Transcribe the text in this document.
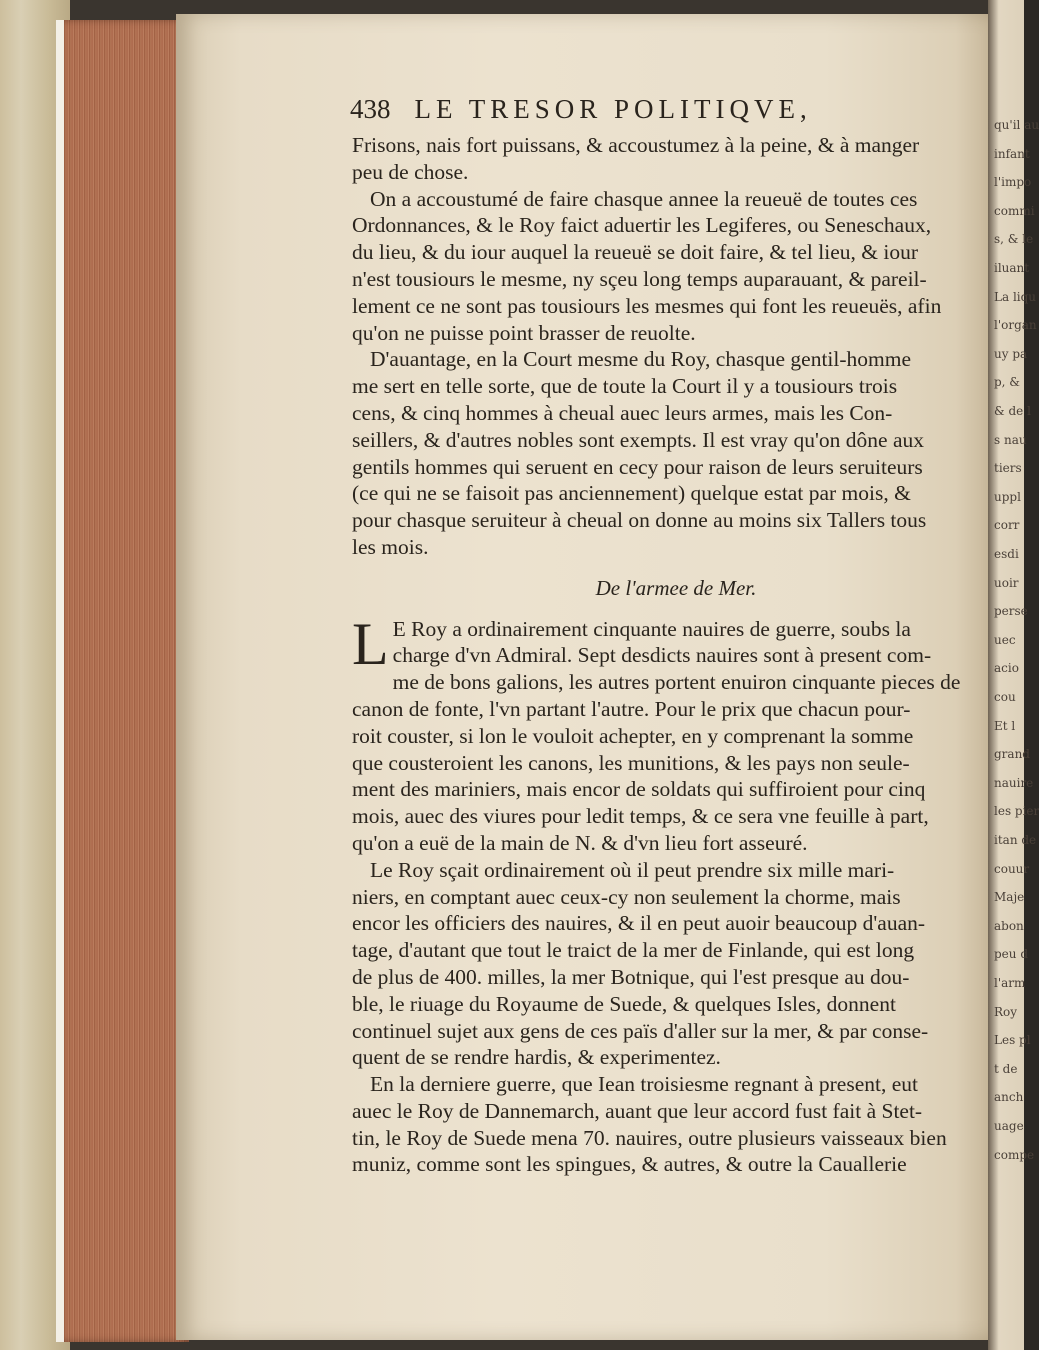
qu'il au
infant
l'impo
commi
s, & le
iluant
La liqu
l'organ
uy pa
p, &
& de l
s nau
tiers
uppl
corr
esdi
uoir
perse
uec
acio
cou
Et l
grand
nauire
les pier
itan de
couur
Maje
abon
peu d
l'arm
Roy
Les pl
t de
anch
uage
compe
438 LE TRESOR POLITIQVE,
Frisons, nais fort puissans, & accoustumez à la peine, & à manger
peu de chose.
On a accoustumé de faire chasque annee la reueuë de toutes ces
Ordonnances, & le Roy faict aduertir les Legiferes, ou Seneschaux,
du lieu, & du iour auquel la reueuë se doit faire, & tel lieu, & iour
n'est tousiours le mesme, ny sçeu long temps auparauant, & pareil-
lement ce ne sont pas tousiours les mesmes qui font les reueuës, afin
qu'on ne puisse point brasser de reuolte.
D'auantage, en la Court mesme du Roy, chasque gentil-homme
me sert en telle sorte, que de toute la Court il y a tousiours trois
cens, & cinq hommes à cheual auec leurs armes, mais les Con-
seillers, & d'autres nobles sont exempts. Il est vray qu'on dône aux
gentils hommes qui seruent en cecy pour raison de leurs seruiteurs
(ce qui ne se faisoit pas anciennement) quelque estat par mois, &
pour chasque seruiteur à cheual on donne au moins six Tallers tous
les mois.
De l'armee de Mer.
L E Roy a ordinairement cinquante nauires de guerre, soubs la
charge d'vn Admiral. Sept desdicts nauires sont à present com-
me de bons galions, les autres portent enuiron cinquante pieces de
canon de fonte, l'vn partant l'autre. Pour le prix que chacun pour-
roit couster, si lon le vouloit achepter, en y comprenant la somme
que cousteroient les canons, les munitions, & les pays non seule-
ment des mariniers, mais encor de soldats qui suffiroient pour cinq
mois, auec des viures pour ledit temps, & ce sera vne feuille à part,
qu'on a euë de la main de N. & d'vn lieu fort asseuré.
Le Roy sçait ordinairement où il peut prendre six mille mari-
niers, en comptant auec ceux-cy non seulement la chorme, mais
encor les officiers des nauires, & il en peut auoir beaucoup d'auan-
tage, d'autant que tout le traict de la mer de Finlande, qui est long
de plus de 400. milles, la mer Botnique, qui l'est presque au dou-
ble, le riuage du Royaume de Suede, & quelques Isles, donnent
continuel sujet aux gens de ces païs d'aller sur la mer, & par conse-
quent de se rendre hardis, & experimentez.
En la derniere guerre, que Iean troisiesme regnant à present, eut
auec le Roy de Dannemarch, auant que leur accord fust fait à Stet-
tin, le Roy de Suede mena 70. nauires, outre plusieurs vaisseaux bien
muniz, comme sont les spingues, & autres, & outre la Cauallerie
